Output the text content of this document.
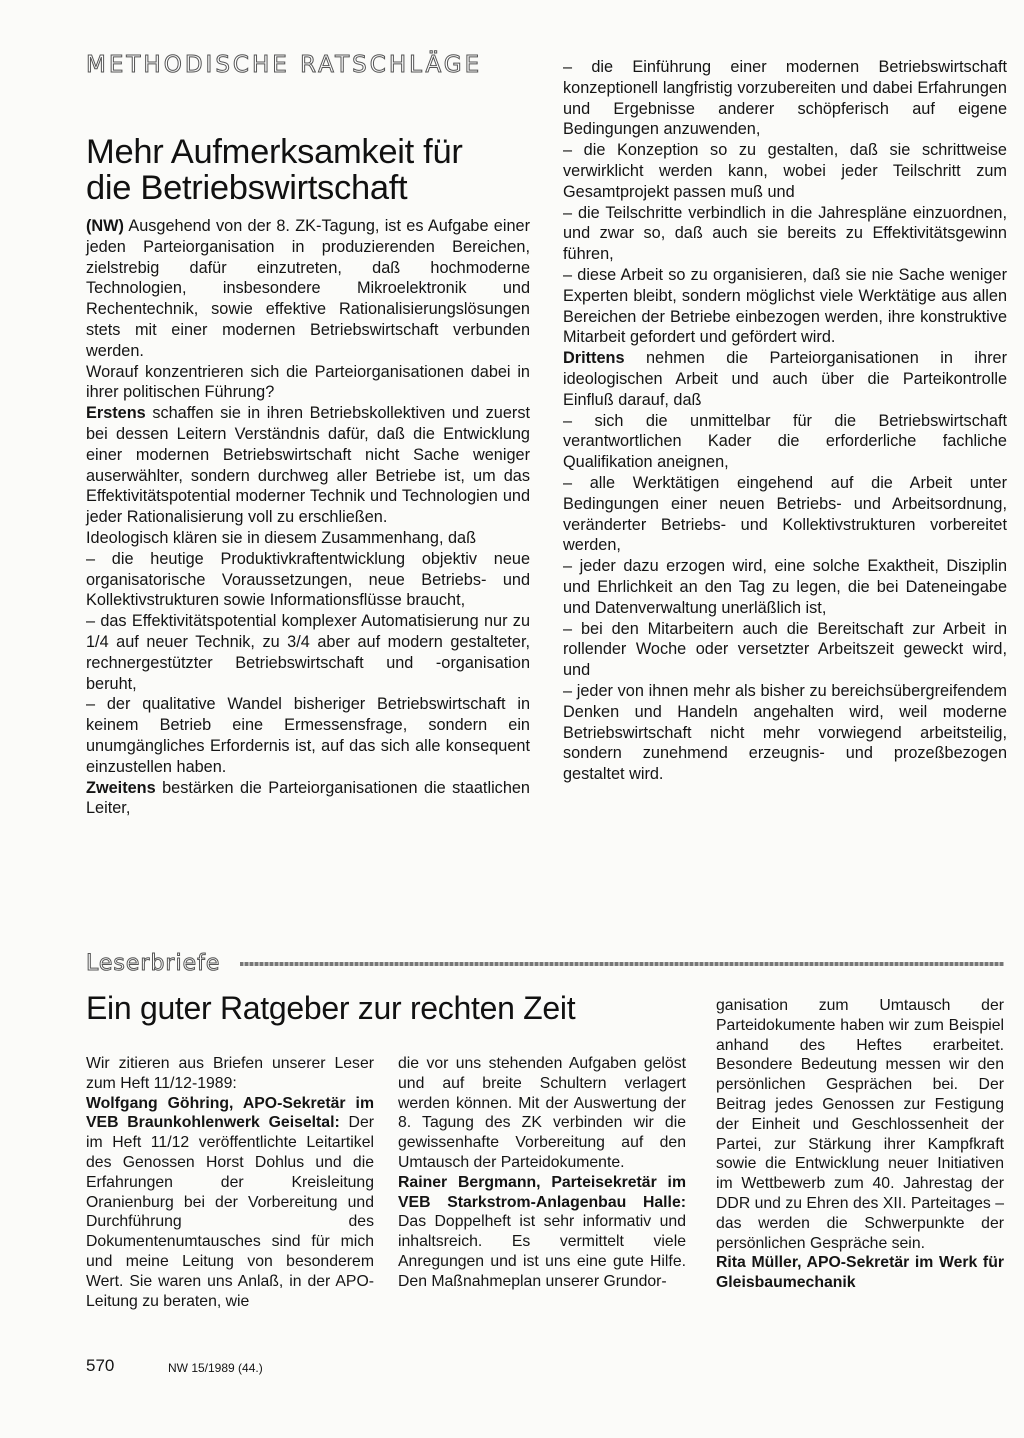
METHODISCHE RATSCHLÄGE
Mehr Aufmerksamkeit für
die Betriebswirtschaft

(NW) Ausgehend von der 8. ZK-Tagung, ist es Aufgabe einer jeden Parteiorganisation in produzierenden Bereichen, zielstrebig dafür einzutreten, daß hochmoderne Technologien, insbesondere Mikroelektronik und Rechentechnik, sowie effektive Rationalisierungslösungen stets mit einer modernen Betriebswirtschaft verbunden werden.

Worauf konzentrieren sich die Parteiorganisationen dabei in ihrer politischen Führung?

Erstens schaffen sie in ihren Betriebskollektiven und zuerst bei dessen Leitern Verständnis dafür, daß die Entwicklung einer modernen Betriebswirtschaft nicht Sache weniger auserwählter, sondern durchweg aller Betriebe ist, um das Effektivitätspotential moderner Technik und Technologien und jeder Rationalisierung voll zu erschließen.

Ideologisch klären sie in diesem Zusammenhang, daß

– die heutige Produktivkraftentwicklung objektiv neue organisatorische Voraussetzungen, neue Betriebs- und Kollektivstrukturen sowie Informationsflüsse braucht,

– das Effektivitätspotential komplexer Automatisierung nur zu 1/4 auf neuer Technik, zu 3/4 aber auf modern gestalteter, rechnergestützter Betriebswirtschaft und -organisation beruht,

– der qualitative Wandel bisheriger Betriebswirtschaft in keinem Betrieb eine Ermessensfrage, sondern ein unumgängliches Erfordernis ist, auf das sich alle konsequent einzustellen haben.

Zweitens bestärken die Parteiorganisationen die staatlichen Leiter,

– die Einführung einer modernen Betriebswirtschaft konzeptionell langfristig vorzubereiten und dabei Erfahrungen und Ergebnisse anderer schöpferisch auf eigene Bedingungen anzuwenden,

– die Konzeption so zu gestalten, daß sie schrittweise verwirklicht werden kann, wobei jeder Teilschritt zum Gesamtprojekt passen muß und

– die Teilschritte verbindlich in die Jahrespläne einzuordnen, und zwar so, daß auch sie bereits zu Effektivitätsgewinn führen,

– diese Arbeit so zu organisieren, daß sie nie Sache weniger Experten bleibt, sondern möglichst viele Werktätige aus allen Bereichen der Betriebe einbezogen werden, ihre konstruktive Mitarbeit gefordert und gefördert wird.

Drittens nehmen die Parteiorganisationen in ihrer ideologischen Arbeit und auch über die Parteikontrolle Einfluß darauf, daß

– sich die unmittelbar für die Betriebswirtschaft verantwortlichen Kader die erforderliche fachliche Qualifikation aneignen,

– alle Werktätigen eingehend auf die Arbeit unter Bedingungen einer neuen Betriebs- und Arbeitsordnung, veränderter Betriebs- und Kollektivstrukturen vorbereitet werden,

– jeder dazu erzogen wird, eine solche Exaktheit, Disziplin und Ehrlichkeit an den Tag zu legen, die bei Dateneingabe und Datenverwaltung unerläßlich ist,

– bei den Mitarbeitern auch die Bereitschaft zur Arbeit in rollender Woche oder versetzter Arbeitszeit geweckt wird, und

– jeder von ihnen mehr als bisher zu bereichsübergreifendem Denken und Handeln angehalten wird, weil moderne Betriebswirtschaft nicht mehr vorwiegend arbeitsteilig, sondern zunehmend erzeugnis- und prozeßbezogen gestaltet wird.

Leserbriefe
Ein guter Ratgeber zur rechten Zeit

Wir zitieren aus Briefen unserer Leser zum Heft 11/12-1989:

Wolfgang Göhring, APO-Sekretär im VEB Braunkohlenwerk Geiseltal: Der im Heft 11/12 veröffentlichte Leitartikel des Genossen Horst Dohlus und die Erfahrungen der Kreisleitung Oranienburg bei der Vorbereitung und Durchführung des Dokumentenumtausches sind für mich und meine Leitung von besonderem Wert. Sie waren uns Anlaß, in der APO-Leitung zu beraten, wie

die vor uns stehenden Aufgaben gelöst und auf breite Schultern verlagert werden können. Mit der Auswertung der 8. Tagung des ZK verbinden wir die gewissenhafte Vorbereitung auf den Umtausch der Parteidokumente.

Rainer Bergmann, Parteisekretär im VEB Starkstrom-Anlagenbau Halle: Das Doppelheft ist sehr informativ und inhaltsreich. Es vermittelt viele Anregungen und ist uns eine gute Hilfe. Den Maßnahmeplan unserer Grundor-

ganisation zum Umtausch der Parteidokumente haben wir zum Beispiel anhand des Heftes erarbeitet. Besondere Bedeutung messen wir den persönlichen Gesprächen bei. Der Beitrag jedes Genossen zur Festigung der Einheit und Geschlossenheit der Partei, zur Stärkung ihrer Kampfkraft sowie die Entwicklung neuer Initiativen im Wettbewerb zum 40. Jahrestag der DDR und zu Ehren des XII. Parteitages – das werden die Schwerpunkte der persönlichen Gespräche sein.

Rita Müller, APO-Sekretär im Werk für Gleisbaumechanik

570	NW 15/1989 (44.)
